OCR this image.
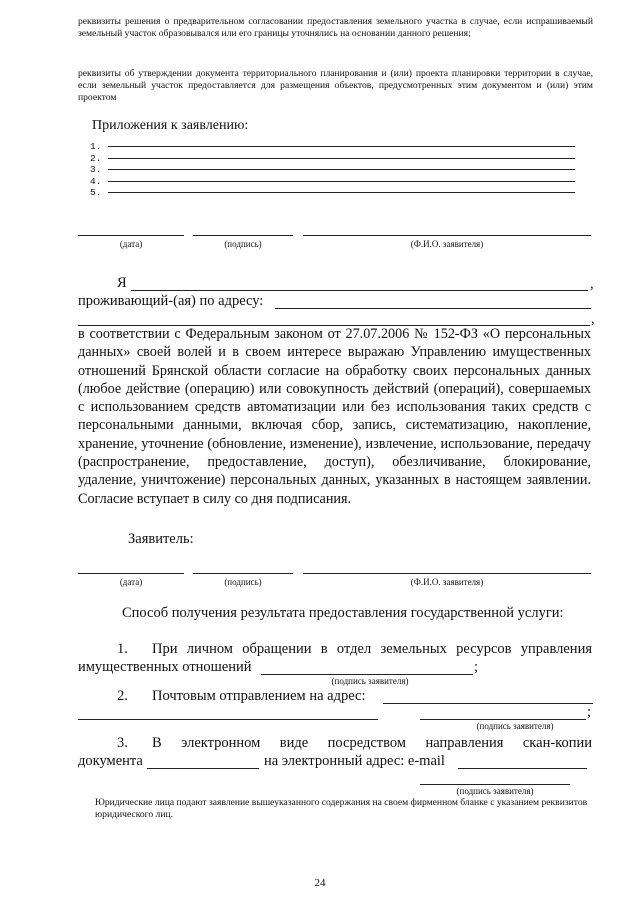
реквизиты решения о предварительном согласовании предоставления земельного участка в случае, если испрашиваемый земельный участок образовывался или его границы уточнялись на основании данного решения;
реквизиты об утверждении документа территориального планирования и (или) проекта планировки территории в случае, если земельный участок предоставляется для размещения объектов, предусмотренных этим документом и (или) этим проектом
Приложения к заявлению:
1.
2.
3.
4.
5.
(дата)	(подпись)	(Ф.И.О. заявителя)
Я	,
проживающий-(ая) по адресу:
,
в соответствии с Федеральным законом от 27.07.2006 № 152-ФЗ «О персональных данных» своей волей и в своем интересе выражаю Управлению имущественных отношений Брянской области согласие на обработку своих персональных данных (любое действие (операцию) или совокупность действий (операций), совершаемых с использованием средств автоматизации или без использования таких средств с персональными данными, включая сбор, запись, систематизацию, накопление, хранение, уточнение (обновление, изменение), извлечение, использование, передачу (распространение, предоставление, доступ), обезличивание, блокирование, удаление, уничтожение) персональных данных, указанных в настоящем заявлении. Согласие вступает в силу со дня подписания.
Заявитель:
(дата)	(подпись)	(Ф.И.О. заявителя)
Способ получения результата предоставления государственной услуги:
1. При личном обращении в отдел земельных ресурсов управления
имущественных отношений	;
(подпись заявителя)
2. Почтовым отправлением на адрес:
;
(подпись заявителя)
3. В электронном виде посредством направления скан-копии
документа	на электронный адрес: e-mail
(подпись заявителя)
Юридические лица подают заявление вышеуказанного содержания на своем фирменном бланке с указанием реквизитов юридического лиц.
24
